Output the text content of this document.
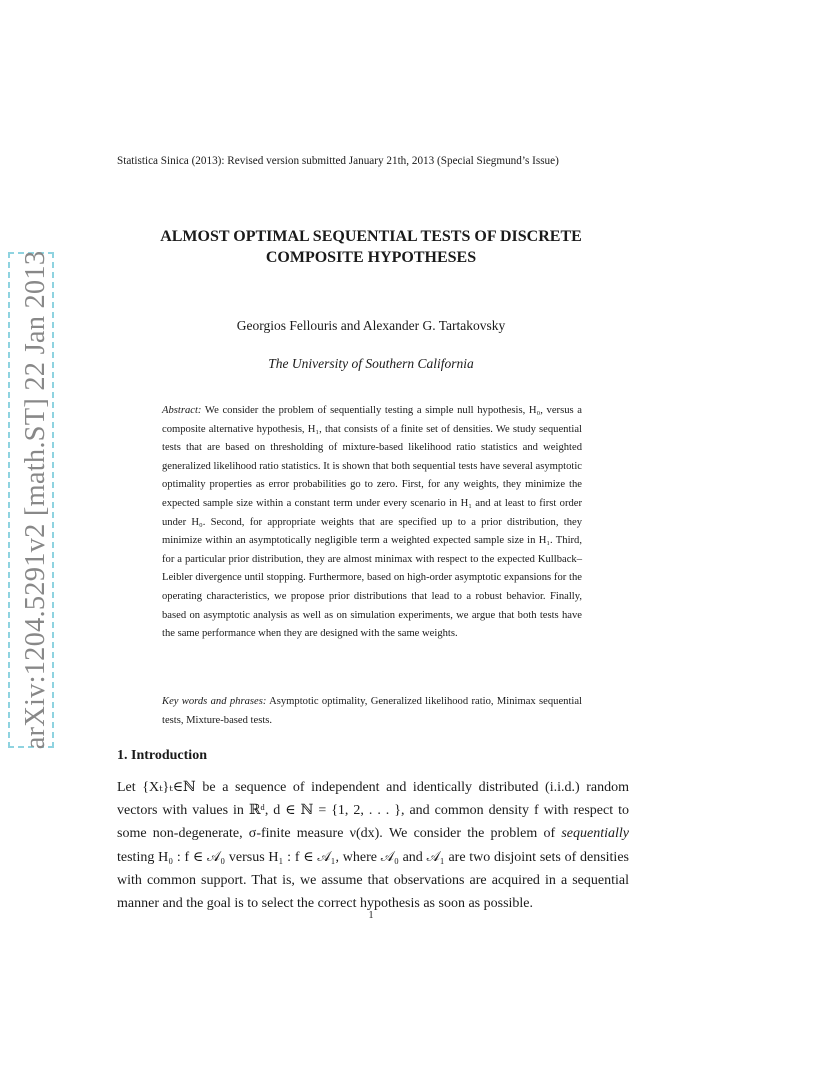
arXiv:1204.5291v2 [math.ST] 22 Jan 2013
Statistica Sinica (2013): Revised version submitted January 21th, 2013 (Special Siegmund’s Issue)
ALMOST OPTIMAL SEQUENTIAL TESTS OF DISCRETE
COMPOSITE HYPOTHESES
Georgios Fellouris and Alexander G. Tartakovsky
The University of Southern California
Abstract: We consider the problem of sequentially testing a simple null hypothesis, H₀, versus a composite alternative hypothesis, H₁, that consists of a finite set of densities. We study sequential tests that are based on thresholding of mixture-based likelihood ratio statistics and weighted generalized likelihood ratio statistics. It is shown that both sequential tests have several asymptotic optimality properties as error probabilities go to zero. First, for any weights, they minimize the expected sample size within a constant term under every scenario in H₁ and at least to first order under H₀. Second, for appropriate weights that are specified up to a prior distribution, they minimize within an asymptotically negligible term a weighted expected sample size in H₁. Third, for a particular prior distribution, they are almost minimax with respect to the expected Kullback–Leibler divergence until stopping. Furthermore, based on high-order asymptotic expansions for the operating characteristics, we propose prior distributions that lead to a robust behavior. Finally, based on asymptotic analysis as well as on simulation experiments, we argue that both tests have the same performance when they are designed with the same weights.
Key words and phrases: Asymptotic optimality, Generalized likelihood ratio, Minimax sequential tests, Mixture-based tests.
1. Introduction
Let {Xₜ}ₜ∈ℕ be a sequence of independent and identically distributed (i.i.d.) random vectors with values in ℝᵈ, d ∈ ℕ = {1, 2, . . . }, and common density f with respect to some non-degenerate, σ-finite measure ν(dx). We consider the problem of sequentially testing H₀ : f ∈ 𝒜₀ versus H₁ : f ∈ 𝒜₁, where 𝒜₀ and 𝒜₁ are two disjoint sets of densities with common support. That is, we assume that observations are acquired in a sequential manner and the goal is to select the correct hypothesis as soon as possible.
1
